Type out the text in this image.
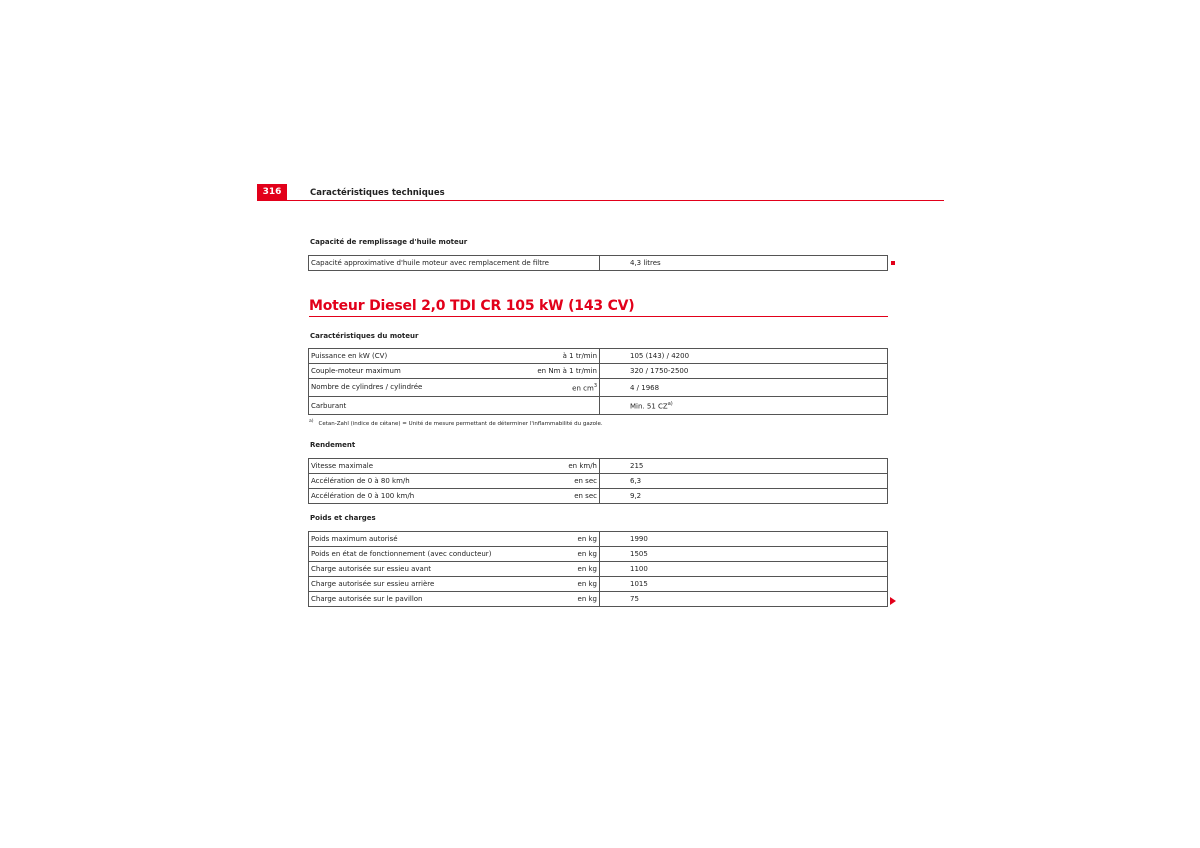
316	Caractéristiques techniques
Capacité de remplissage d'huile moteur
Capacité approximative d'huile moteur avec remplacement de filtre	4,3 litres
Moteur Diesel 2,0 TDI CR 105 kW (143 CV)
Caractéristiques du moteur
Puissance en kW (CV) à 1 tr/min	105 (143) / 4200
Couple-moteur maximum en Nm à 1 tr/min	320 / 1750-2500
Nombre de cylindres / cylindrée en $cm^3$	4 / 1968
Carburant	Min. 51 CZ$^{a)}$
$^{a)}$ Cetan-Zahl (indice de cétane) = Unité de mesure permettant de déterminer l'inflammabilité du gazole.
Rendement
Vitesse maximale en km/h	215
Accélération de 0 à 80 km/h en sec	6,3
Accélération de 0 à 100 km/h en sec	9,2
Poids et charges
Poids maximum autorisé en kg	1990
Poids en état de fonctionnement (avec conducteur) en kg	1505
Charge autorisée sur essieu avant en kg	1100
Charge autorisée sur essieu arrière en kg	1015
Charge autorisée sur le pavillon en kg	75
